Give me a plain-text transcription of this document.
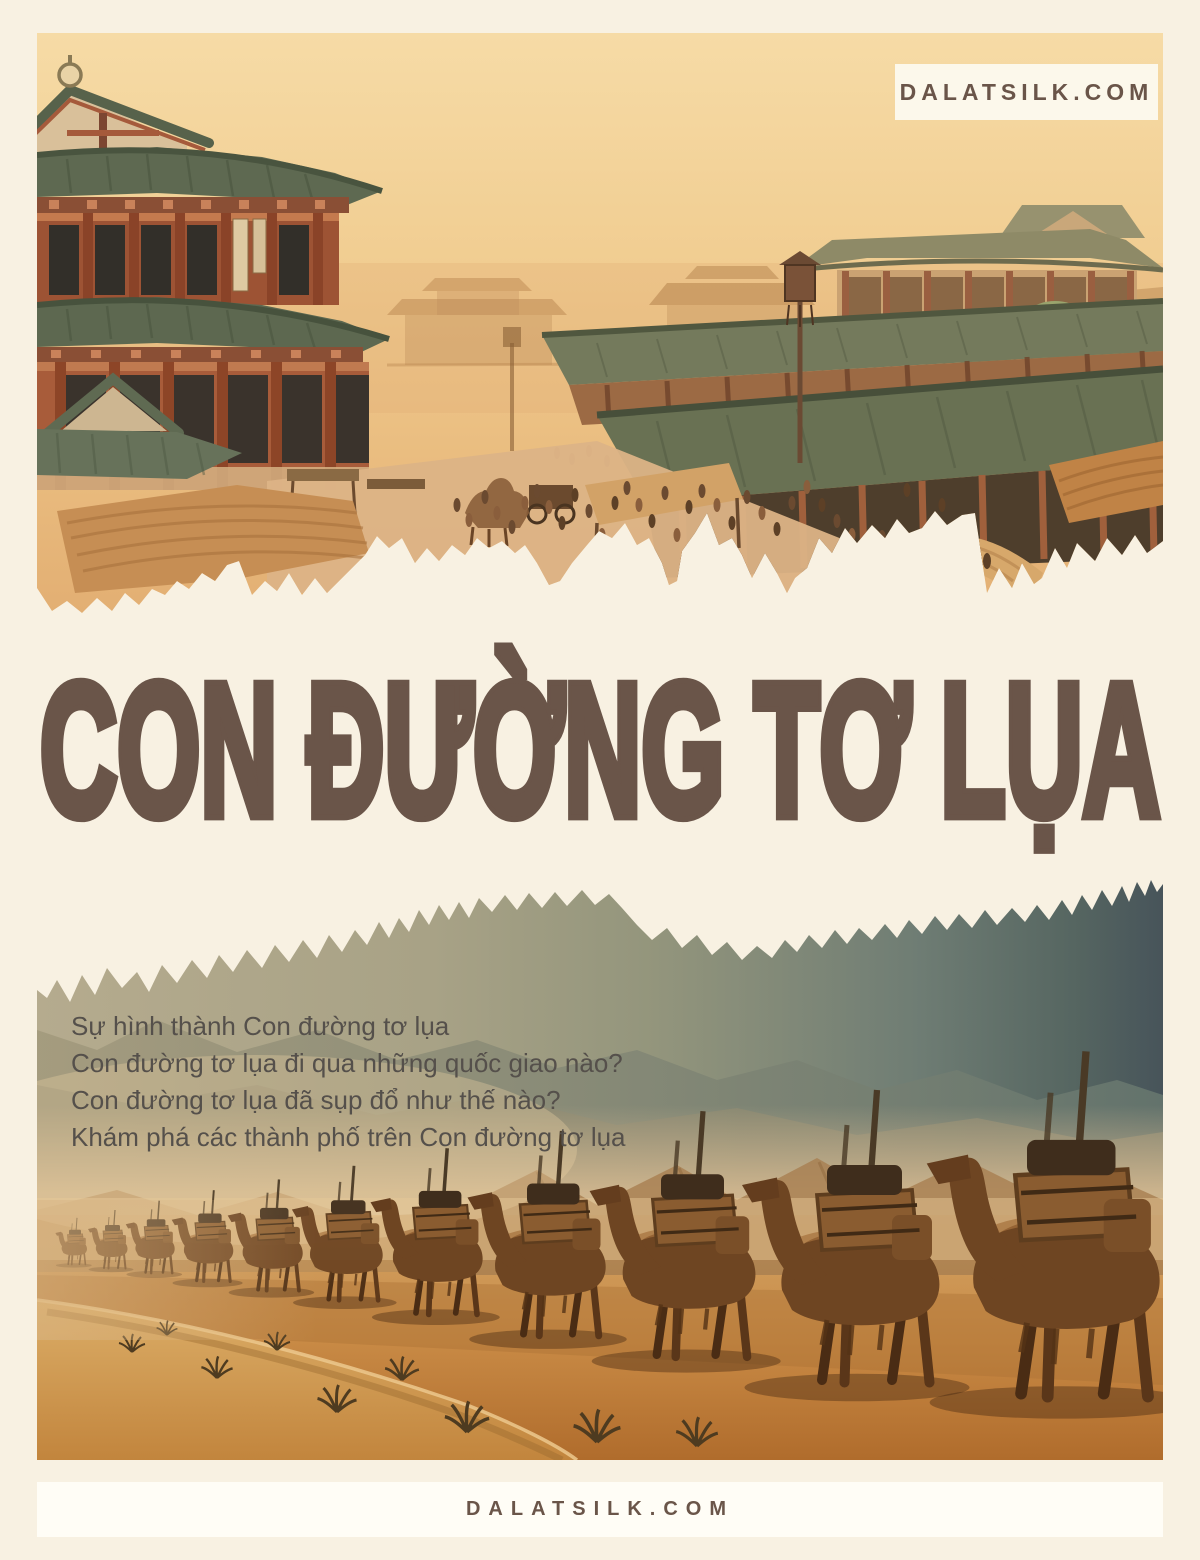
DALATSILK.COM
CON ĐƯỜNG TƠ LỤA
Sự hình thành Con đường tơ lụa
Con đường tơ lụa đi qua những quốc giao nào?
Con đường tơ lụa đã sụp đổ như thế nào?
Khám phá các thành phố trên Con đường tơ lụa
DALATSILK.COM
